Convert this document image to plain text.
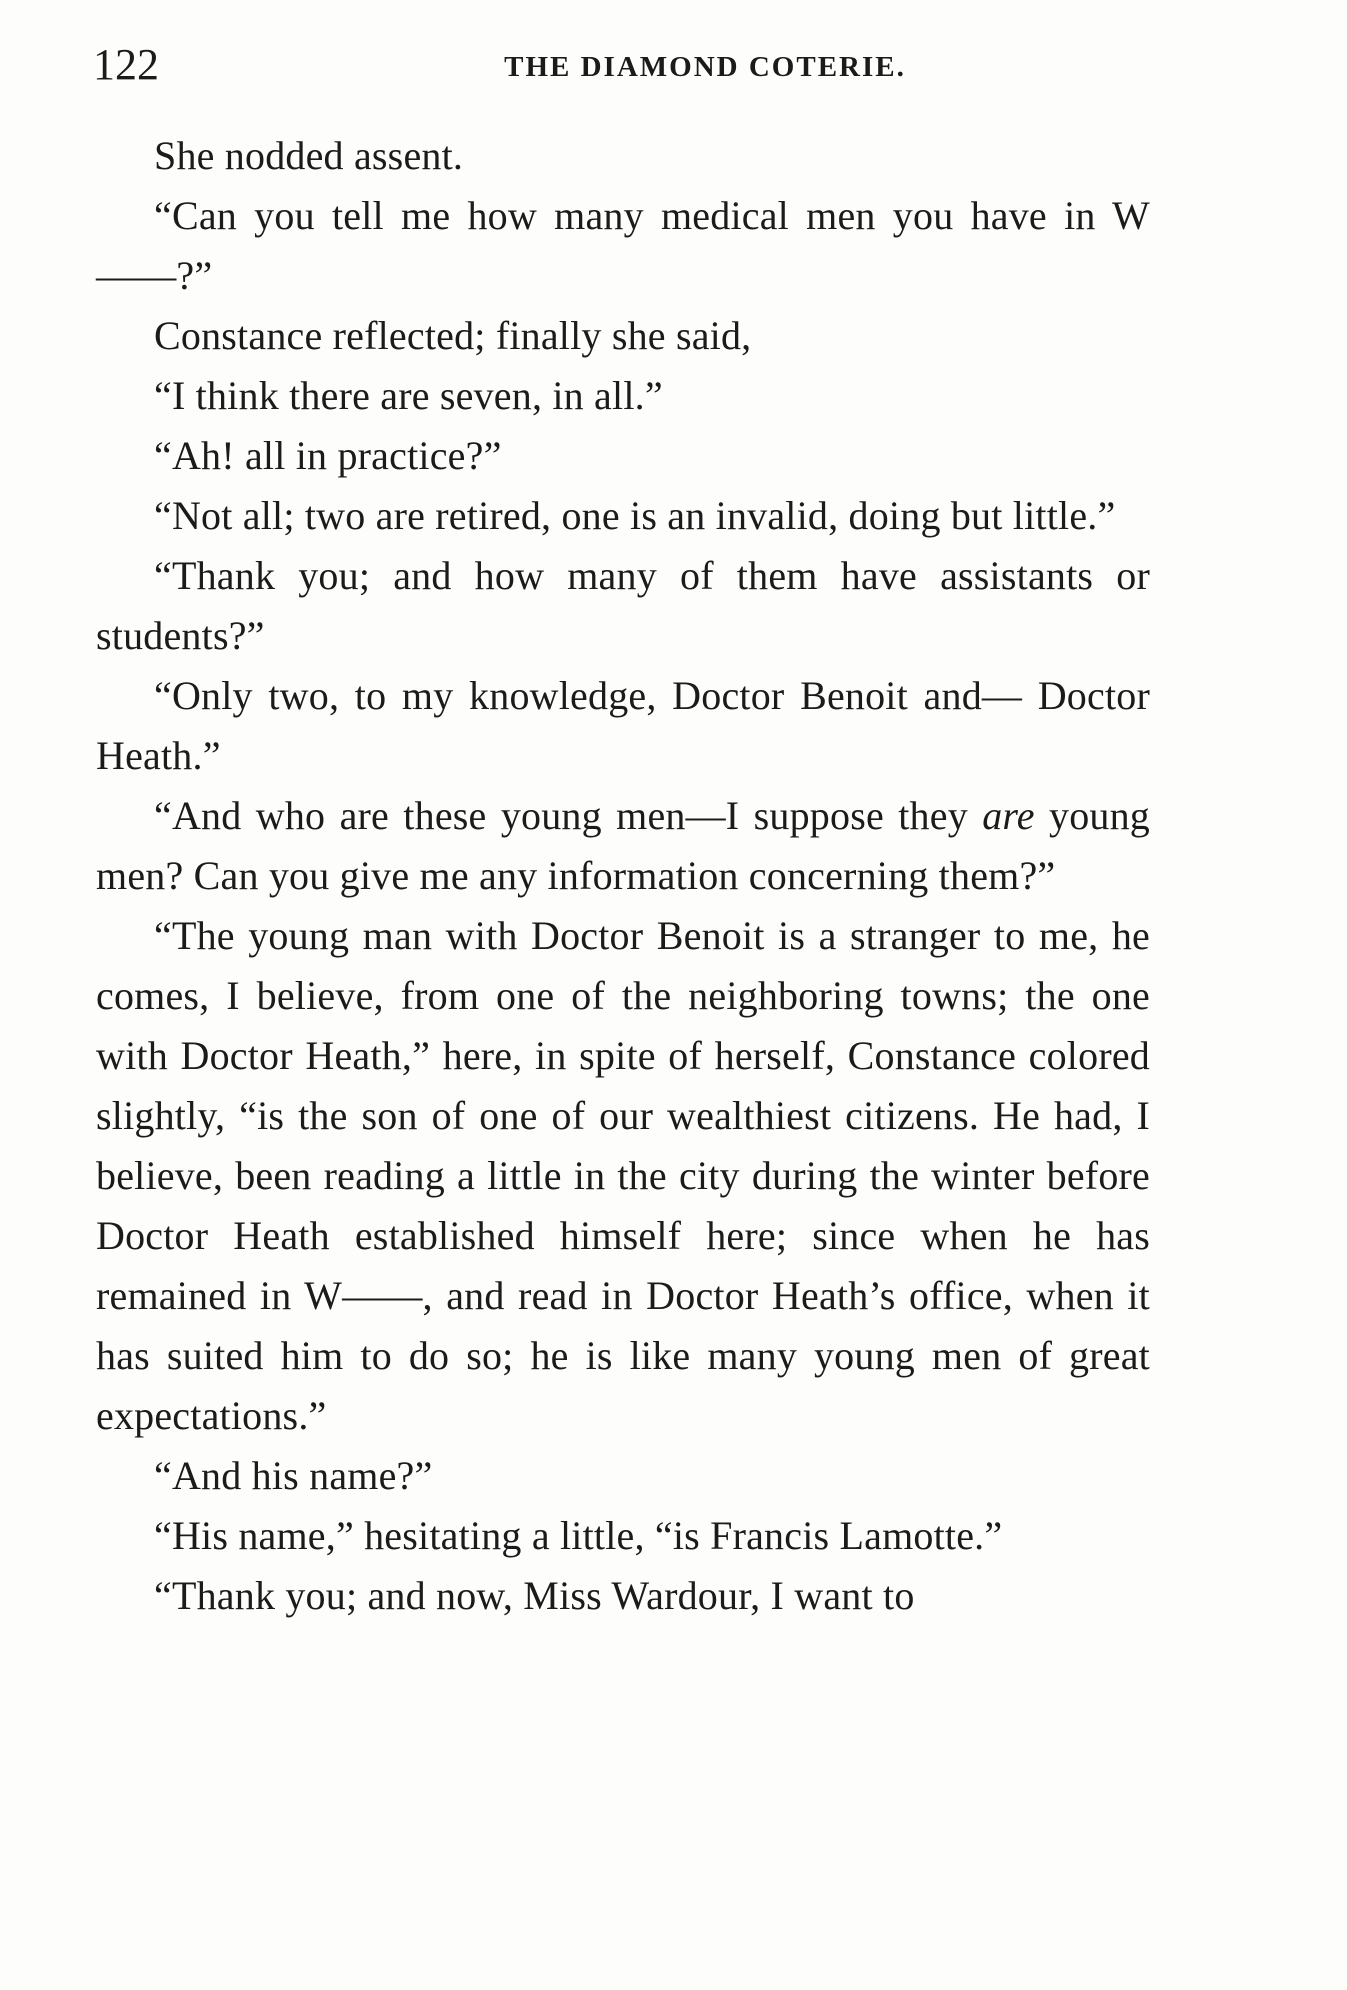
122	THE DIAMOND COTERIE.

She nodded assent.

“Can you tell me how many medical men you have in W——?”

Constance reflected; finally she said,

“I think there are seven, in all.”

“Ah! all in practice?”

“Not all; two are retired, one is an invalid, doing but little.”

“Thank you; and how many of them have assistants or students?”

“Only two, to my knowledge, Doctor Benoit and— Doctor Heath.”

“And who are these young men—I suppose they are young men? Can you give me any information concerning them?”

“The young man with Doctor Benoit is a stranger to me, he comes, I believe, from one of the neighboring towns; the one with Doctor Heath,” here, in spite of herself, Constance colored slightly, “is the son of one of our wealthiest citizens. He had, I believe, been reading a little in the city during the winter before Doctor Heath established himself here; since when he has remained in W——, and read in Doctor Heath’s office, when it has suited him to do so; he is like many young men of great expectations.”

“And his name?”

“His name,” hesitating a little, “is Francis Lamotte.”

“Thank you; and now, Miss Wardour, I want to
